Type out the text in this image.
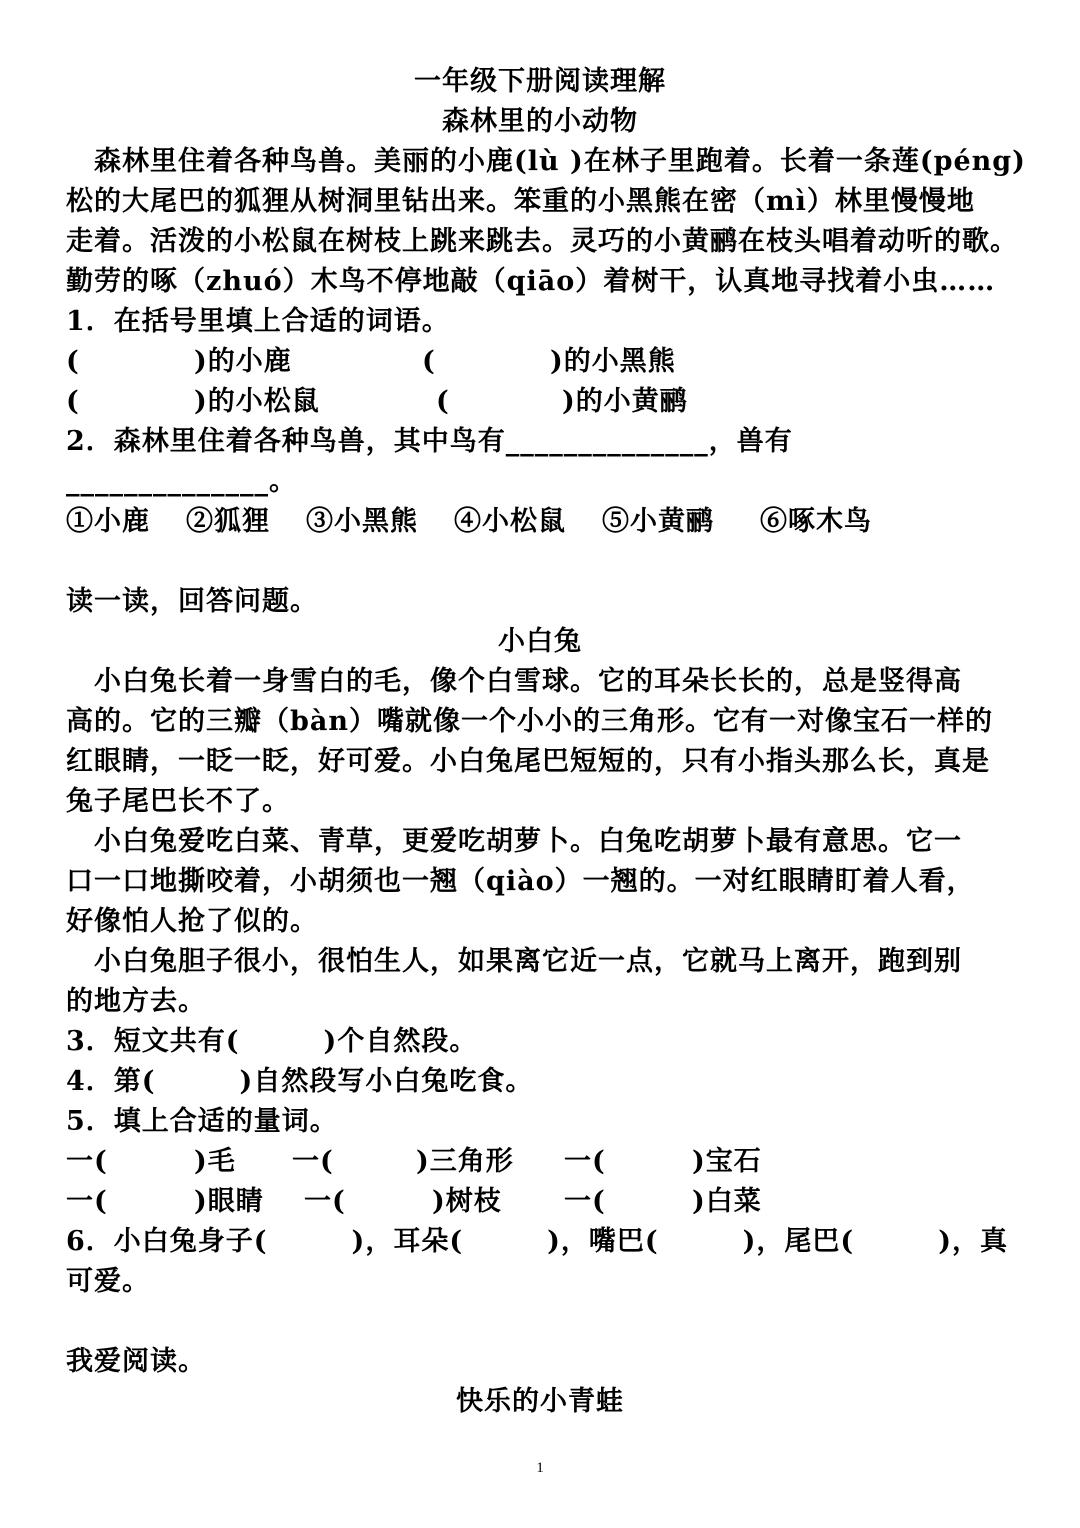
一年级下册阅读理解
森林里的小动物
　森林里住着各种鸟兽。美丽的小鹿(lù )在林子里跑着。长着一条莲(péng)
松的大尾巴的狐狸从树洞里钻出来。笨重的小黑熊在密（mì）林里慢慢地
走着。活泼的小松鼠在树枝上跳来跳去。灵巧的小黄鹂在枝头唱着动听的歌。
勤劳的啄（zhuó）木鸟不停地敲（qiāo）着树干，认真地寻找着小虫……
1．在括号里填上合适的词语。
(	)的小鹿	(	)的小黑熊
(	)的小松鼠	(	)的小黄鹂
2．森林里住着各种鸟兽，其中鸟有______________，兽有
______________。
①小鹿 ②狐狸 ③小黑熊 ④小松鼠 ⑤小黄鹂 ⑥啄木鸟
读一读，回答问题。
小白兔
　小白兔长着一身雪白的毛，像个白雪球。它的耳朵长长的，总是竖得高
高的。它的三瓣（bàn）嘴就像一个小小的三角形。它有一对像宝石一样的
红眼睛，一眨一眨，好可爱。小白兔尾巴短短的，只有小指头那么长，真是
兔子尾巴长不了。
　小白兔爱吃白菜、青草，更爱吃胡萝卜。白兔吃胡萝卜最有意思。它一
口一口地撕咬着，小胡须也一翘（qiào）一翘的。一对红眼睛盯着人看，
好像怕人抢了似的。
　小白兔胆子很小，很怕生人，如果离它近一点，它就马上离开，跑到别
的地方去。
3．短文共有(　　　)个自然段。
4．第(　　　)自然段写小白兔吃食。
5．填上合适的量词。
一(	)毛 一(	)三角形 一(	)宝石
一(	)眼睛 一(	)树枝 一(	)白菜
6．小白兔身子(　　　)，耳朵(　　　)，嘴巴(　　　)，尾巴(　　　)，真
可爱。
我爱阅读。
快乐的小青蛙
1
